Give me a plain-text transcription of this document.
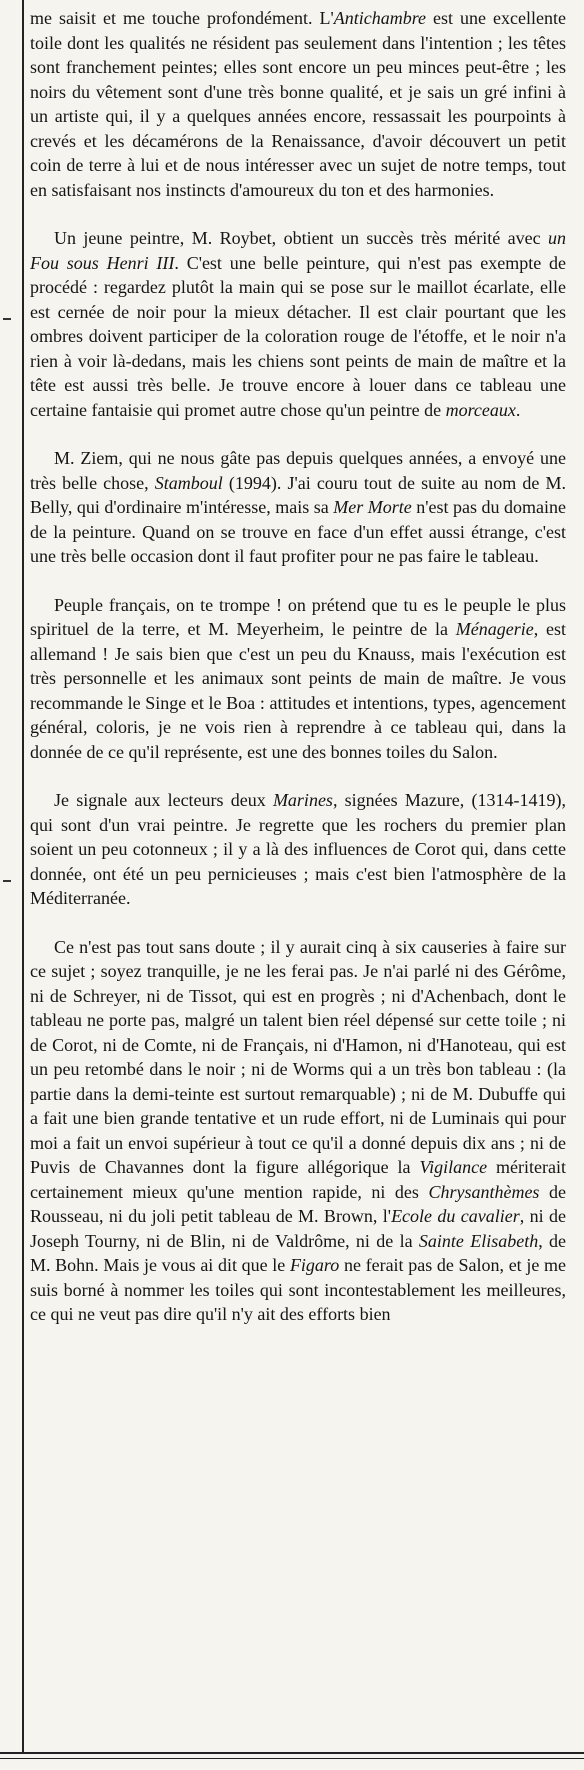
me saisit et me touche profondément. L'Antichambre est une excellente toile dont les qualités ne résident pas seulement dans l'intention ; les têtes sont franchement peintes; elles sont encore un peu minces peut-être ; les noirs du vêtement sont d'une très bonne qualité, et je sais un gré infini à un artiste qui, il y a quelques années encore, ressassait les pourpoints à crevés et les décamérons de la Renaissance, d'avoir découvert un petit coin de terre à lui et de nous intéresser avec un sujet de notre temps, tout en satisfaisant nos instincts d'amoureux du ton et des harmonies.

Un jeune peintre, M. Roybet, obtient un succès très mérité avec un Fou sous Henri III. C'est une belle peinture, qui n'est pas exempte de procédé : regardez plutôt la main qui se pose sur le maillot écarlate, elle est cernée de noir pour la mieux détacher. Il est clair pourtant que les ombres doivent participer de la coloration rouge de l'étoffe, et le noir n'a rien à voir là-dedans, mais les chiens sont peints de main de maître et la tête est aussi très belle. Je trouve encore à louer dans ce tableau une certaine fantaisie qui promet autre chose qu'un peintre de morceaux.

M. Ziem, qui ne nous gâte pas depuis quelques années, a envoyé une très belle chose, Stamboul (1994). J'ai couru tout de suite au nom de M. Belly, qui d'ordinaire m'intéresse, mais sa Mer Morte n'est pas du domaine de la peinture. Quand on se trouve en face d'un effet aussi étrange, c'est une très belle occasion dont il faut profiter pour ne pas faire le tableau.

Peuple français, on te trompe ! on prétend que tu es le peuple le plus spirituel de la terre, et M. Meyerheim, le peintre de la Ménagerie, est allemand ! Je sais bien que c'est un peu du Knauss, mais l'exécution est très personnelle et les animaux sont peints de main de maître. Je vous recommande le Singe et le Boa : attitudes et intentions, types, agencement général, coloris, je ne vois rien à reprendre à ce tableau qui, dans la donnée de ce qu'il représente, est une des bonnes toiles du Salon.

Je signale aux lecteurs deux Marines, signées Mazure, (1314-1419), qui sont d'un vrai peintre. Je regrette que les rochers du premier plan soient un peu cotonneux ; il y a là des influences de Corot qui, dans cette donnée, ont été un peu pernicieuses ; mais c'est bien l'atmosphère de la Méditerranée.

Ce n'est pas tout sans doute ; il y aurait cinq à six causeries à faire sur ce sujet ; soyez tranquille, je ne les ferai pas. Je n'ai parlé ni des Gérôme, ni de Schreyer, ni de Tissot, qui est en progrès ; ni d'Achenbach, dont le tableau ne porte pas, malgré un talent bien réel dépensé sur cette toile ; ni de Corot, ni de Comte, ni de Français, ni d'Hamon, ni d'Hanoteau, qui est un peu retombé dans le noir ; ni de Worms qui a un très bon tableau : (la partie dans la demi-teinte est surtout remarquable) ; ni de M. Dubuffe qui a fait une bien grande tentative et un rude effort, ni de Luminais qui pour moi a fait un envoi supérieur à tout ce qu'il a donné depuis dix ans ; ni de Puvis de Chavannes dont la figure allégorique la Vigilance mériterait certainement mieux qu'une mention rapide, ni des Chrysanthèmes de Rousseau, ni du joli petit tableau de M. Brown, l'Ecole du cavalier, ni de Joseph Tourny, ni de Blin, ni de Valdrôme, ni de la Sainte Elisabeth, de M. Bohn. Mais je vous ai dit que le Figaro ne ferait pas de Salon, et je me suis borné à nommer les toiles qui sont incontestablement les meilleures, ce qui ne veut pas dire qu'il n'y ait des efforts bien
